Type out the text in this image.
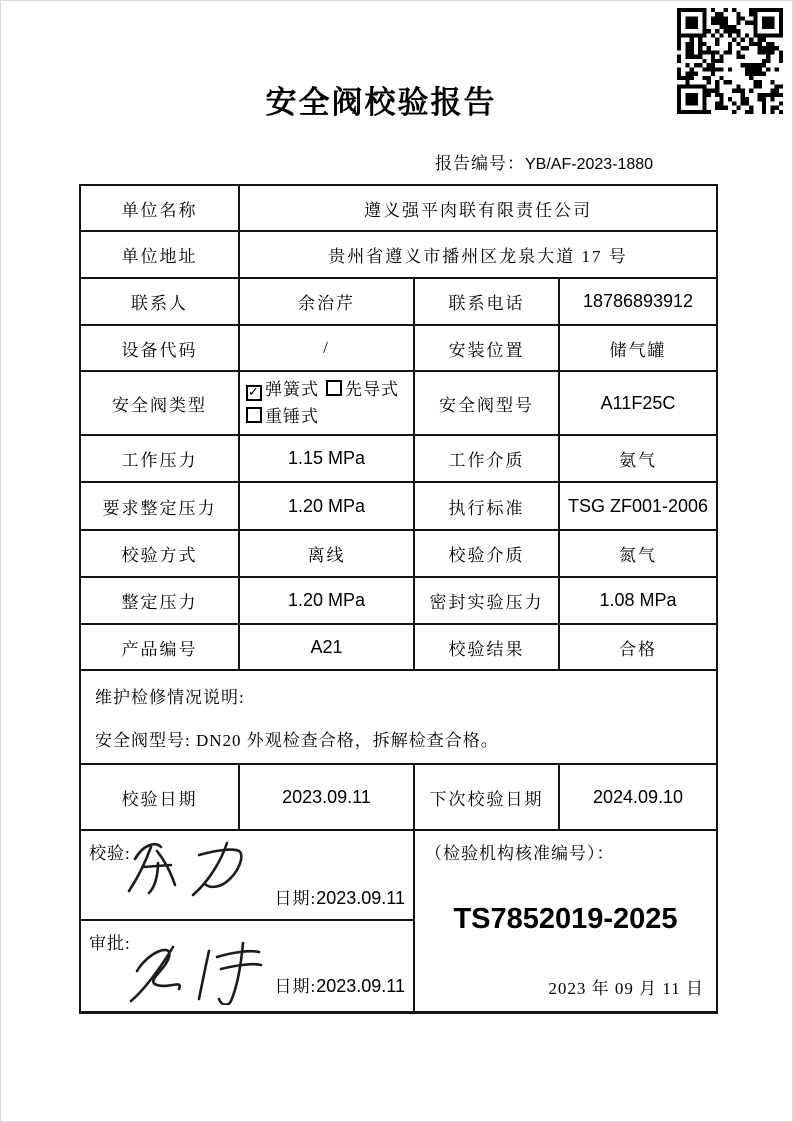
安全阀校验报告
报告编号：YB/AF-2023-1880
单位名称	遵义强平肉联有限责任公司		
单位地址	贵州省遵义市播州区龙泉大道 17 号		
联系人	余治芹	联系电话	18786893912
设备代码	/	安装位置	储气罐
安全阀类型	✓ 弹簧式 先导式重锤式	安全阀型号	A11F25C
工作压力	1.15 MPa	工作介质	氨气
要求整定压力	1.20 MPa	执行标准	TSG ZF001-2006
校验方式	离线	校验介质	氮气
整定压力	1.20 MPa	密封实验压力	1.08 MPa
产品编号	A21	校验结果	合格

维护检修情况说明:
安全阀型号: DN20 外观检查合格，拆解检查合格。			

校验日期	2023.09.11	下次校验日期	2024.09.10
校验:
日期:2023.09.11

（检验机构核准编号）：
TS7852019-2025
2023 年 09 月 11 日

审批:
日期:2023.09.11			
